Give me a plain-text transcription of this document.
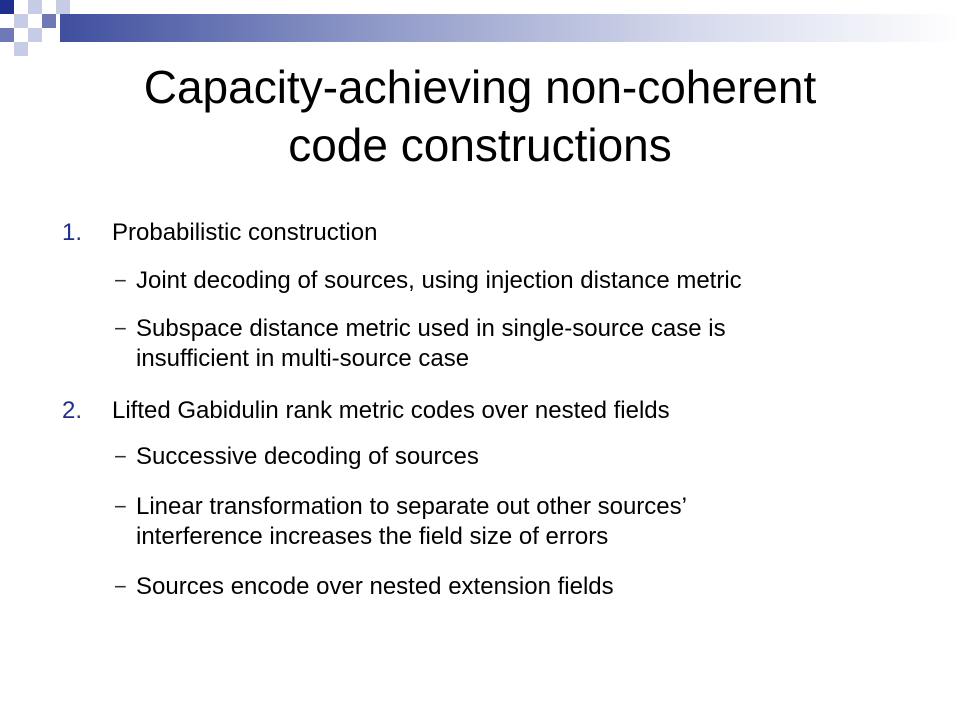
Capacity-achieving non-coherent
code constructions
1. Probabilistic construction
− Joint decoding of sources, using injection distance metric
− Subspace distance metric used in single-source case is
insufficient in multi-source case
2. Lifted Gabidulin rank metric codes over nested fields
− Successive decoding of sources
− Linear transformation to separate out other sources’
interference increases the field size of errors
− Sources encode over nested extension fields
